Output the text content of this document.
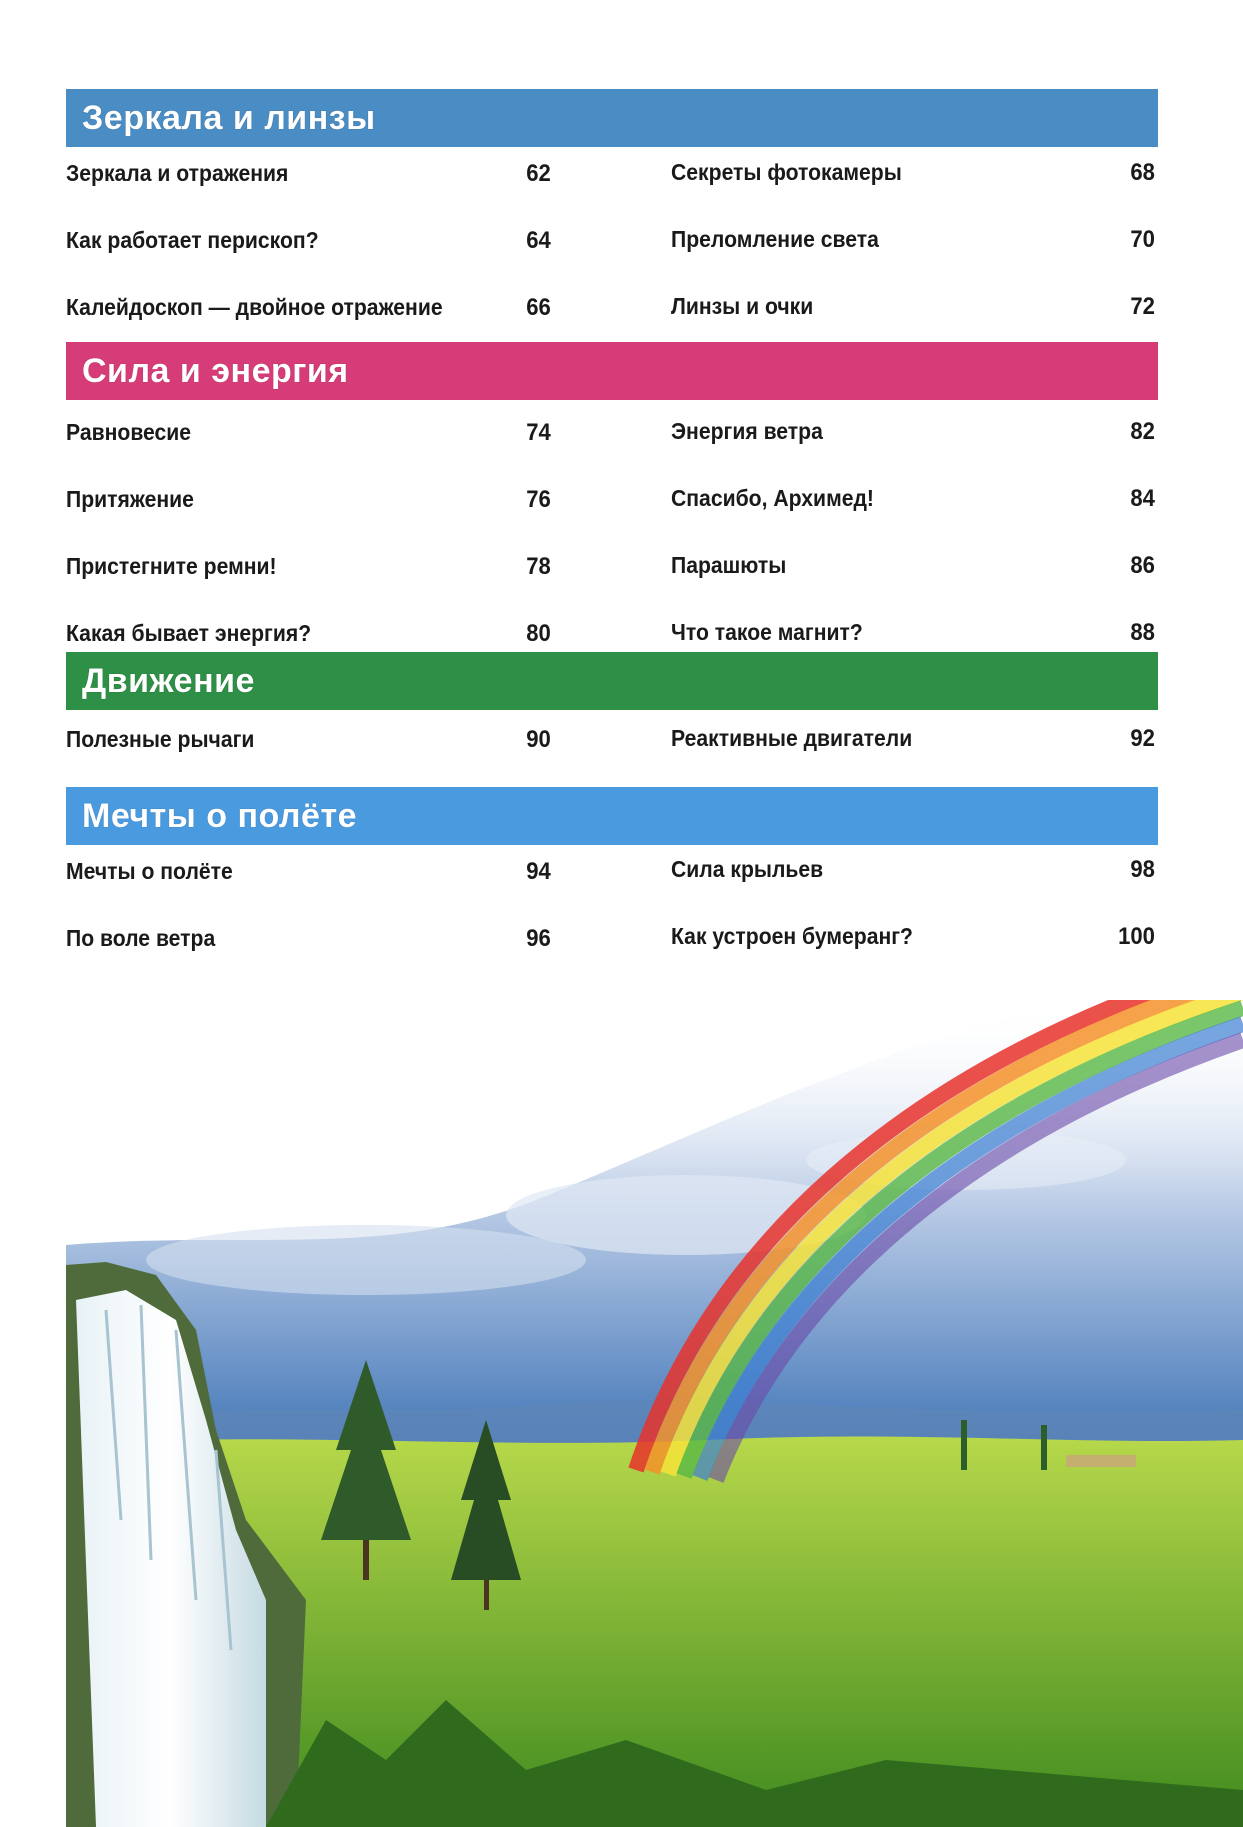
Зеркала и линзы
Зеркала и отражения	62
Как работает перископ?	64
Калейдоскоп — двойное отражение	66
Секреты фотокамеры	68
Преломление света	70
Линзы и очки	72
Сила и энергия
Равновесие	74
Притяжение	76
Пристегните ремни!	78
Какая бывает энергия?	80
Энергия ветра	82
Спасибо, Архимед!	84
Парашюты	86
Что такое магнит?	88
Движение
Полезные рычаги	90	Реактивные двигатели	92
Мечты о полёте
Мечты о полёте	94
По воле ветра	96
Сила крыльев	98
Как устроен бумеранг?	100
